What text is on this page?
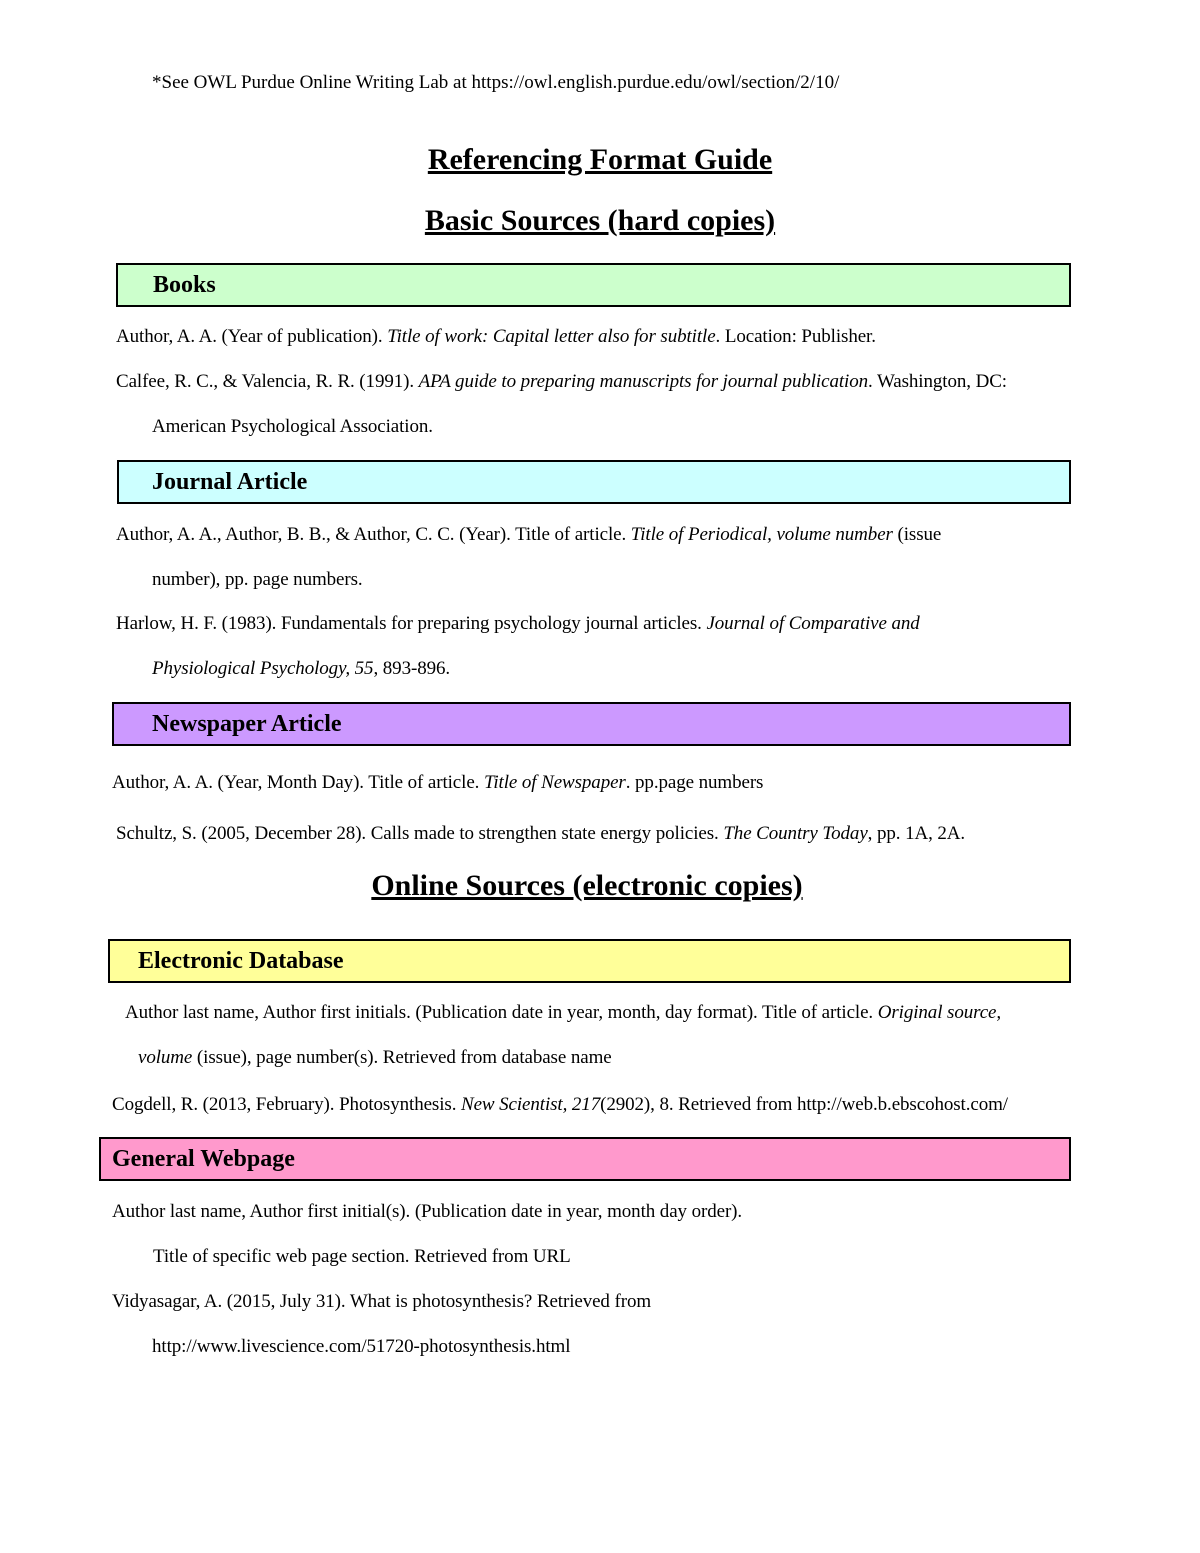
*See OWL Purdue Online Writing Lab at https://owl.english.purdue.edu/owl/section/2/10/
Referencing Format Guide
Basic Sources (hard copies)
Books
Author, A. A. (Year of publication). Title of work: Capital letter also for subtitle. Location: Publisher.
Calfee, R. C., & Valencia, R. R. (1991). APA guide to preparing manuscripts for journal publication. Washington, DC:
American Psychological Association.
Journal Article
Author, A. A., Author, B. B., & Author, C. C. (Year). Title of article. Title of Periodical, volume number (issue
number), pp. page numbers.
Harlow, H. F. (1983). Fundamentals for preparing psychology journal articles. Journal of Comparative and
Physiological Psychology, 55, 893-896.
Newspaper Article
Author, A. A. (Year, Month Day). Title of article. Title of Newspaper. pp.page numbers
Schultz, S. (2005, December 28). Calls made to strengthen state energy policies. The Country Today, pp. 1A, 2A.
Online Sources (electronic copies)
Electronic Database
Author last name, Author first initials. (Publication date in year, month, day format). Title of article. Original source,
volume (issue), page number(s). Retrieved from database name
Cogdell, R. (2013, February). Photosynthesis. New Scientist, 217(2902), 8. Retrieved from http://web.b.ebscohost.com/
General Webpage
Author last name, Author first initial(s). (Publication date in year, month day order).
Title of specific web page section. Retrieved from URL
Vidyasagar, A. (2015, July 31). What is photosynthesis? Retrieved from
http://www.livescience.com/51720-photosynthesis.html
